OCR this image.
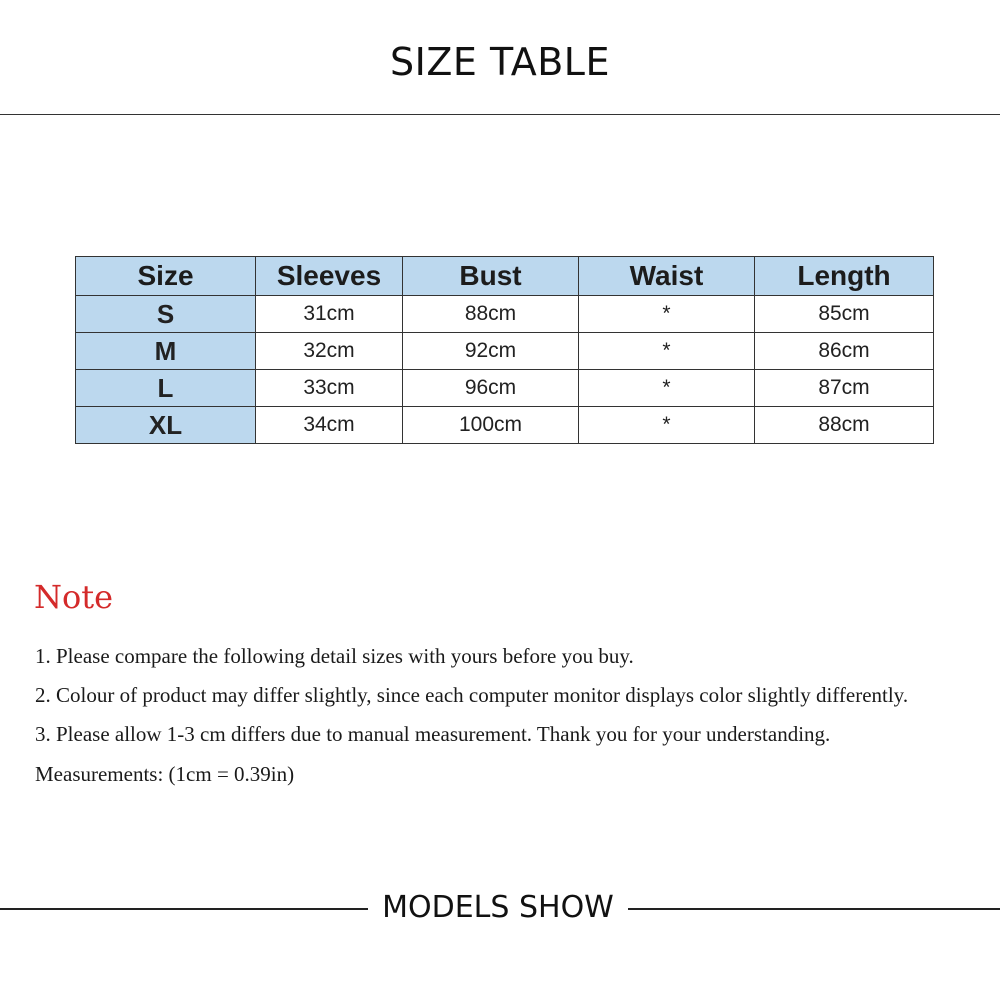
SIZE TABLE
Size	Sleeves	Bust	Waist	Length
S	31cm	88cm	*	85cm
M	32cm	92cm	*	86cm
L	33cm	96cm	*	87cm
XL	34cm	100cm	*	88cm
Note
1. Please compare the following detail sizes with yours before you buy.
2. Colour of product may differ slightly, since each computer monitor displays color slightly differently.
3. Please allow 1-3 cm differs due to manual measurement. Thank you for your understanding.
Measurements: (1cm = 0.39in)
MODELS SHOW
